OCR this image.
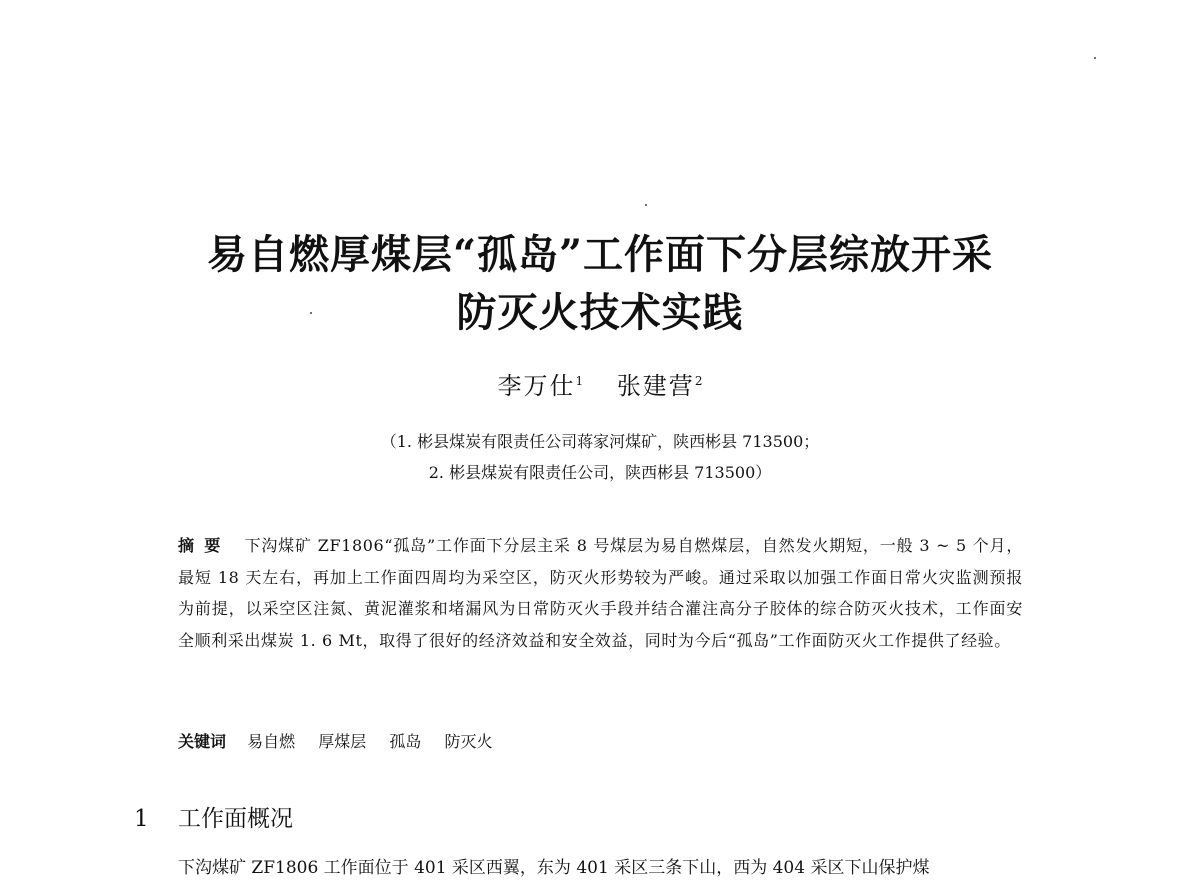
易自燃厚煤层“孤岛”工作面下分层综放开采
防灭火技术实践
李万仕$^1$ 张建营$^2$
（1. 彬县煤炭有限责任公司蒋家河煤矿，陕西彬县 713500；
2. 彬县煤炭有限责任公司，陕西彬县 713500）
摘要 下沟煤矿 ZF1806“孤岛”工作面下分层主采 8 号煤层为易自燃煤层，自然发火期短，一般 3 ~ 5 个月，最短 18 天左右，再加上工作面四周均为采空区，防灭火形势较为严峻。通过采取以加强工作面日常火灾监测预报为前提，以采空区注氮、黄泥灌浆和堵漏风为日常防灭火手段并结合灌注高分子胶体的综合防灭火技术，工作面安全顺利采出煤炭 1. 6 Mt，取得了很好的经济效益和安全效益，同时为今后“孤岛”工作面防灭火工作提供了经验。
关键词 易自燃 厚煤层 孤岛 防灭火
1 工作面概况
下沟煤矿 ZF1806 工作面位于 401 采区西翼，东为 401 采区三条下山，西为 404 采区下山保护煤
